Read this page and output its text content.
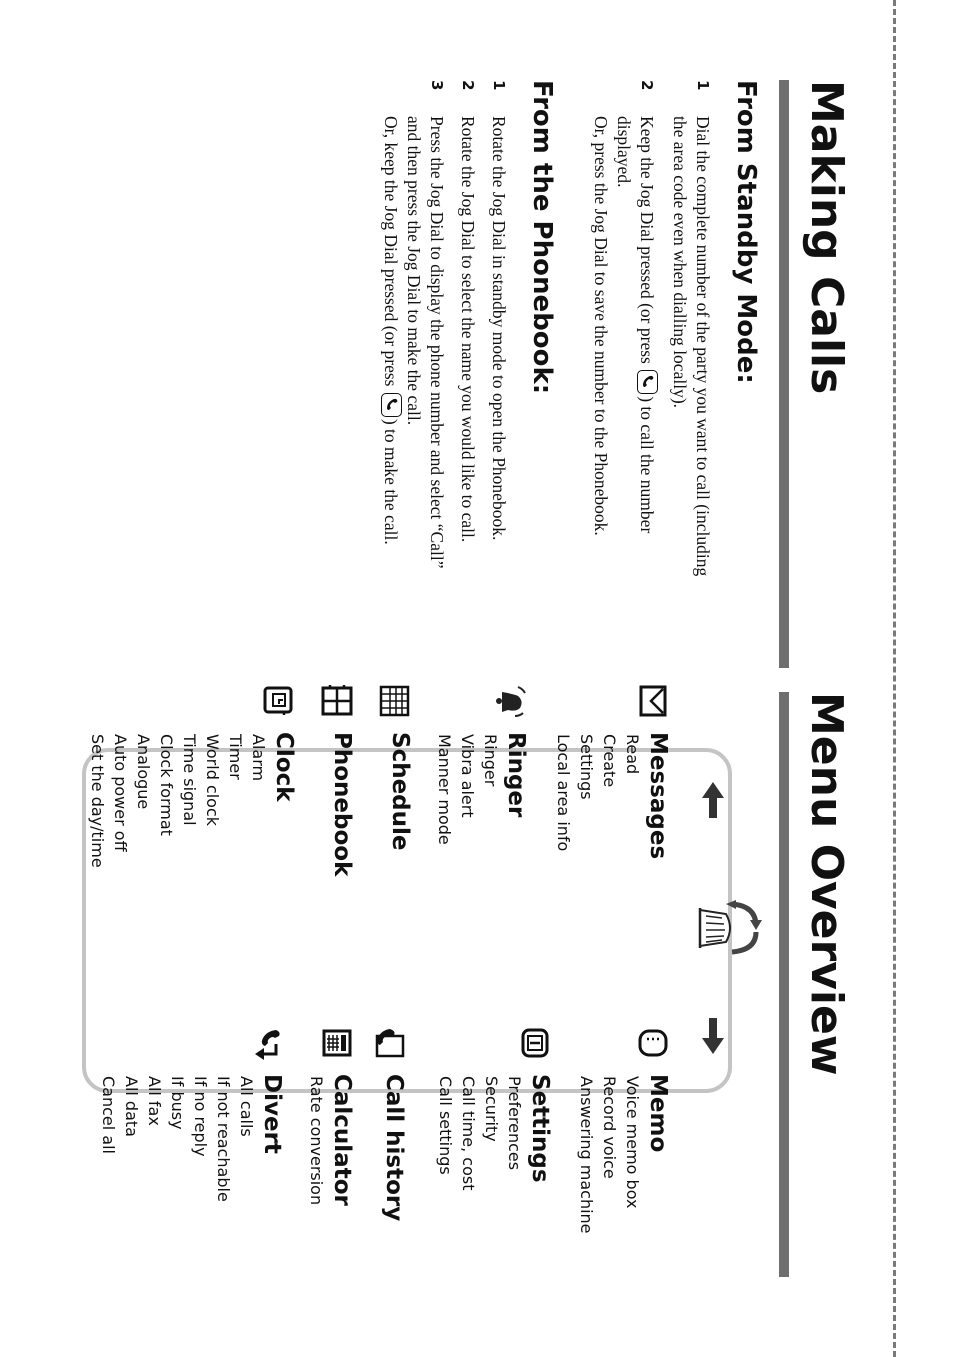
Making Calls
From Standby Mode:
1
Dial the complete number of the party you want to call (including
the area code even when dialling locally).
2
Keep the Jog Dial pressed (or press
) to call the number
displayed.
Or, press the Jog Dial to save the number to the Phonebook.
From the Phonebook:
1
Rotate the Jog Dial in standby mode to open the Phonebook.
2
Rotate the Jog Dial to select the name you would like to call.
3
Press the Jog Dial to display the phone number and select “Call”
and then press the Jog Dial to make the call.
Or, keep the Jog Dial pressed (or press
) to make the call.
Menu Overview
Messages
Read
Create
Settings
Local area info
Ringer
Ringer
Vibra alert
Manner mode
Schedule
Phonebook
Clock
Alarm
Timer
World clock
Time signal
Clock format
Analogue
Auto power off
Set the day/time
Memo
Voice memo box
Record voice
Answering machine
Settings
Preferences
Security
Call time, cost
Call settings
Call history
Calculator
Rate conversion
Divert
All calls
If not reachable
If no reply
If busy
All fax
All data
Cancel all
